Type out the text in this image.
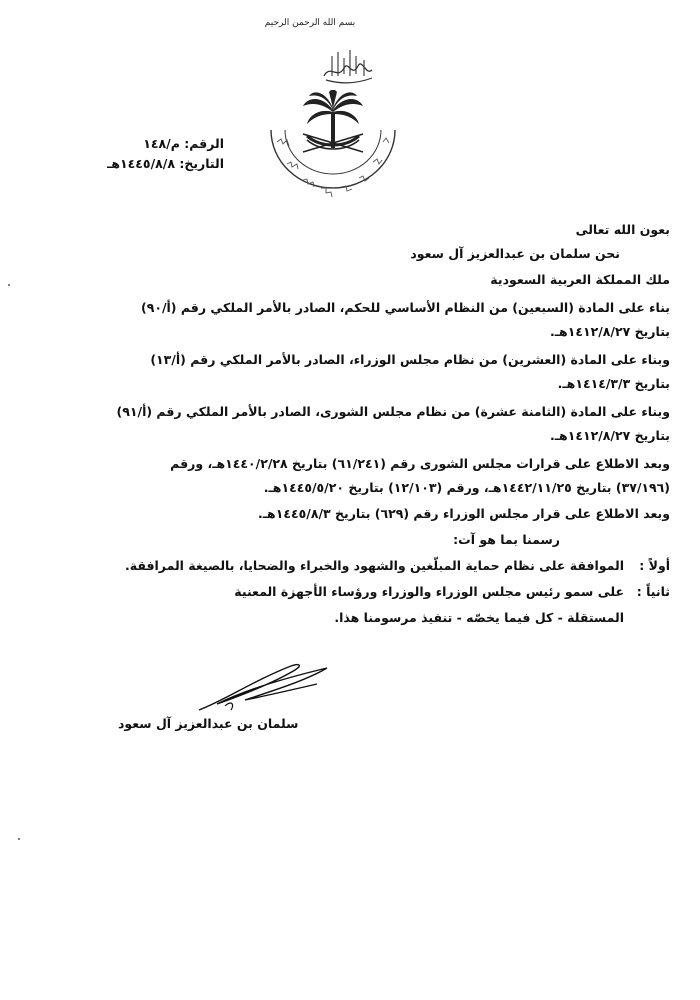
بسم الله الرحمن الرحيم
الرقم: م/١٤٨
التاريخ: ١٤٤٥/٨/٨هـ
بعون الله تعالى
نحن سلمان بن عبدالعزيز آل سعود
ملك المملكة العربية السعودية
بناء على المادة (السبعين) من النظام الأساسي للحكم، الصادر بالأمر الملكي رقم (أ/٩٠)
بتاريخ ١٤١٢/٨/٢٧هـ.
وبناء على المادة (العشرين) من نظام مجلس الوزراء، الصادر بالأمر الملكي رقم (أ/١٣)
بتاريخ ١٤١٤/٣/٣هـ.
وبناء على المادة (الثامنة عشرة) من نظام مجلس الشورى، الصادر بالأمر الملكي رقم (أ/٩١)
بتاريخ ١٤١٢/٨/٢٧هـ.
وبعد الاطلاع على قرارات مجلس الشورى رقم (٦١/٢٤١) بتاريخ ١٤٤٠/٢/٢٨هـ، ورقم
(٣٧/١٩٦) بتاريخ ١٤٤٢/١١/٢٥هـ، ورقم (١٢/١٠٣) بتاريخ ١٤٤٥/٥/٢٠هـ.
وبعد الاطلاع على قرار مجلس الوزراء رقم (٦٢٩) بتاريخ ١٤٤٥/٨/٣هـ.
رسمنا بما هو آت:
أولاً :
الموافقة على نظام حماية المبلّغين والشهود والخبراء والضحايا، بالصيغة المرافقة.
ثانياً :
على سمو رئيس مجلس الوزراء والوزراء ورؤساء الأجهزة المعنية
المستقلة - كل فيما يخصّه - تنفيذ مرسومنا هذا.
سلمان بن عبدالعزيز آل سعود
